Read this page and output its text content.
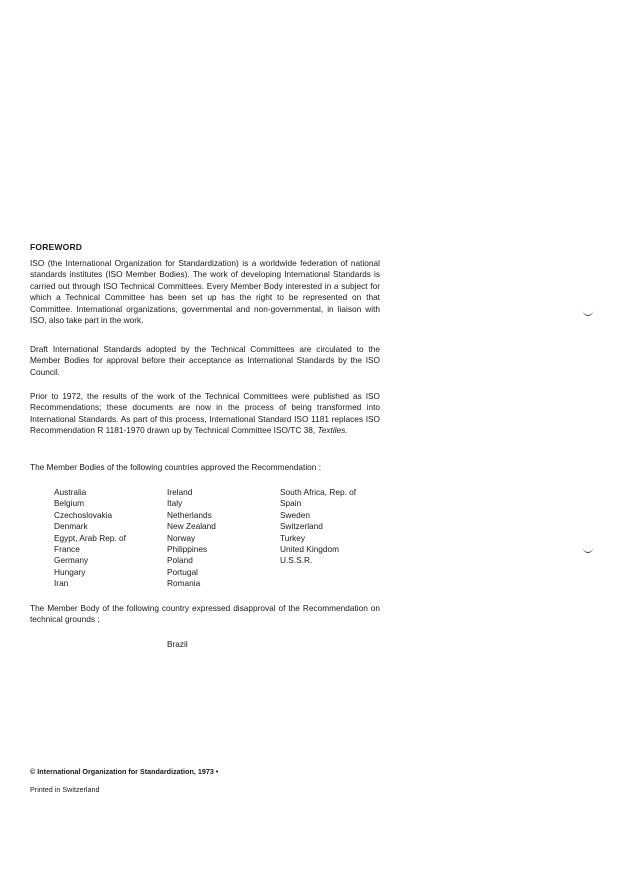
FOREWORD

ISO (the International Organization for Standardization) is a worldwide federation of national standards institutes (ISO Member Bodies). The work of developing International Standards is carried out through ISO Technical Committees. Every Member Body interested in a subject for which a Technical Committee has been set up has the right to be represented on that Committee. International organizations, governmental and non-governmental, in liaison with ISO, also take part in the work.

Draft International Standards adopted by the Technical Committees are circulated to the Member Bodies for approval before their acceptance as International Standards by the ISO Council.

Prior to 1972, the results of the work of the Technical Committees were published as ISO Recommendations; these documents are now in the process of being transformed into International Standards. As part of this process, International Standard ISO 1181 replaces ISO Recommendation R 1181-1970 drawn up by Technical Committee ISO/TC 38, Textiles.

The Member Bodies of the following countries approved the Recommendation :

Australia
Belgium
Czechoslovakia
Denmark
Egypt, Arab Rep. of
France
Germany
Hungary
Iran
Ireland
Italy
Netherlands
New Zealand
Norway
Philippines
Poland
Portugal
Romania
South Africa, Rep. of
Spain
Sweden
Switzerland
Turkey
United Kingdom
U.S.S.R.

The Member Body of the following country expressed disapproval of the Recommendation on technical grounds :

Brazil
© International Organization for Standardization, 1973 •
Printed in Switzerland
